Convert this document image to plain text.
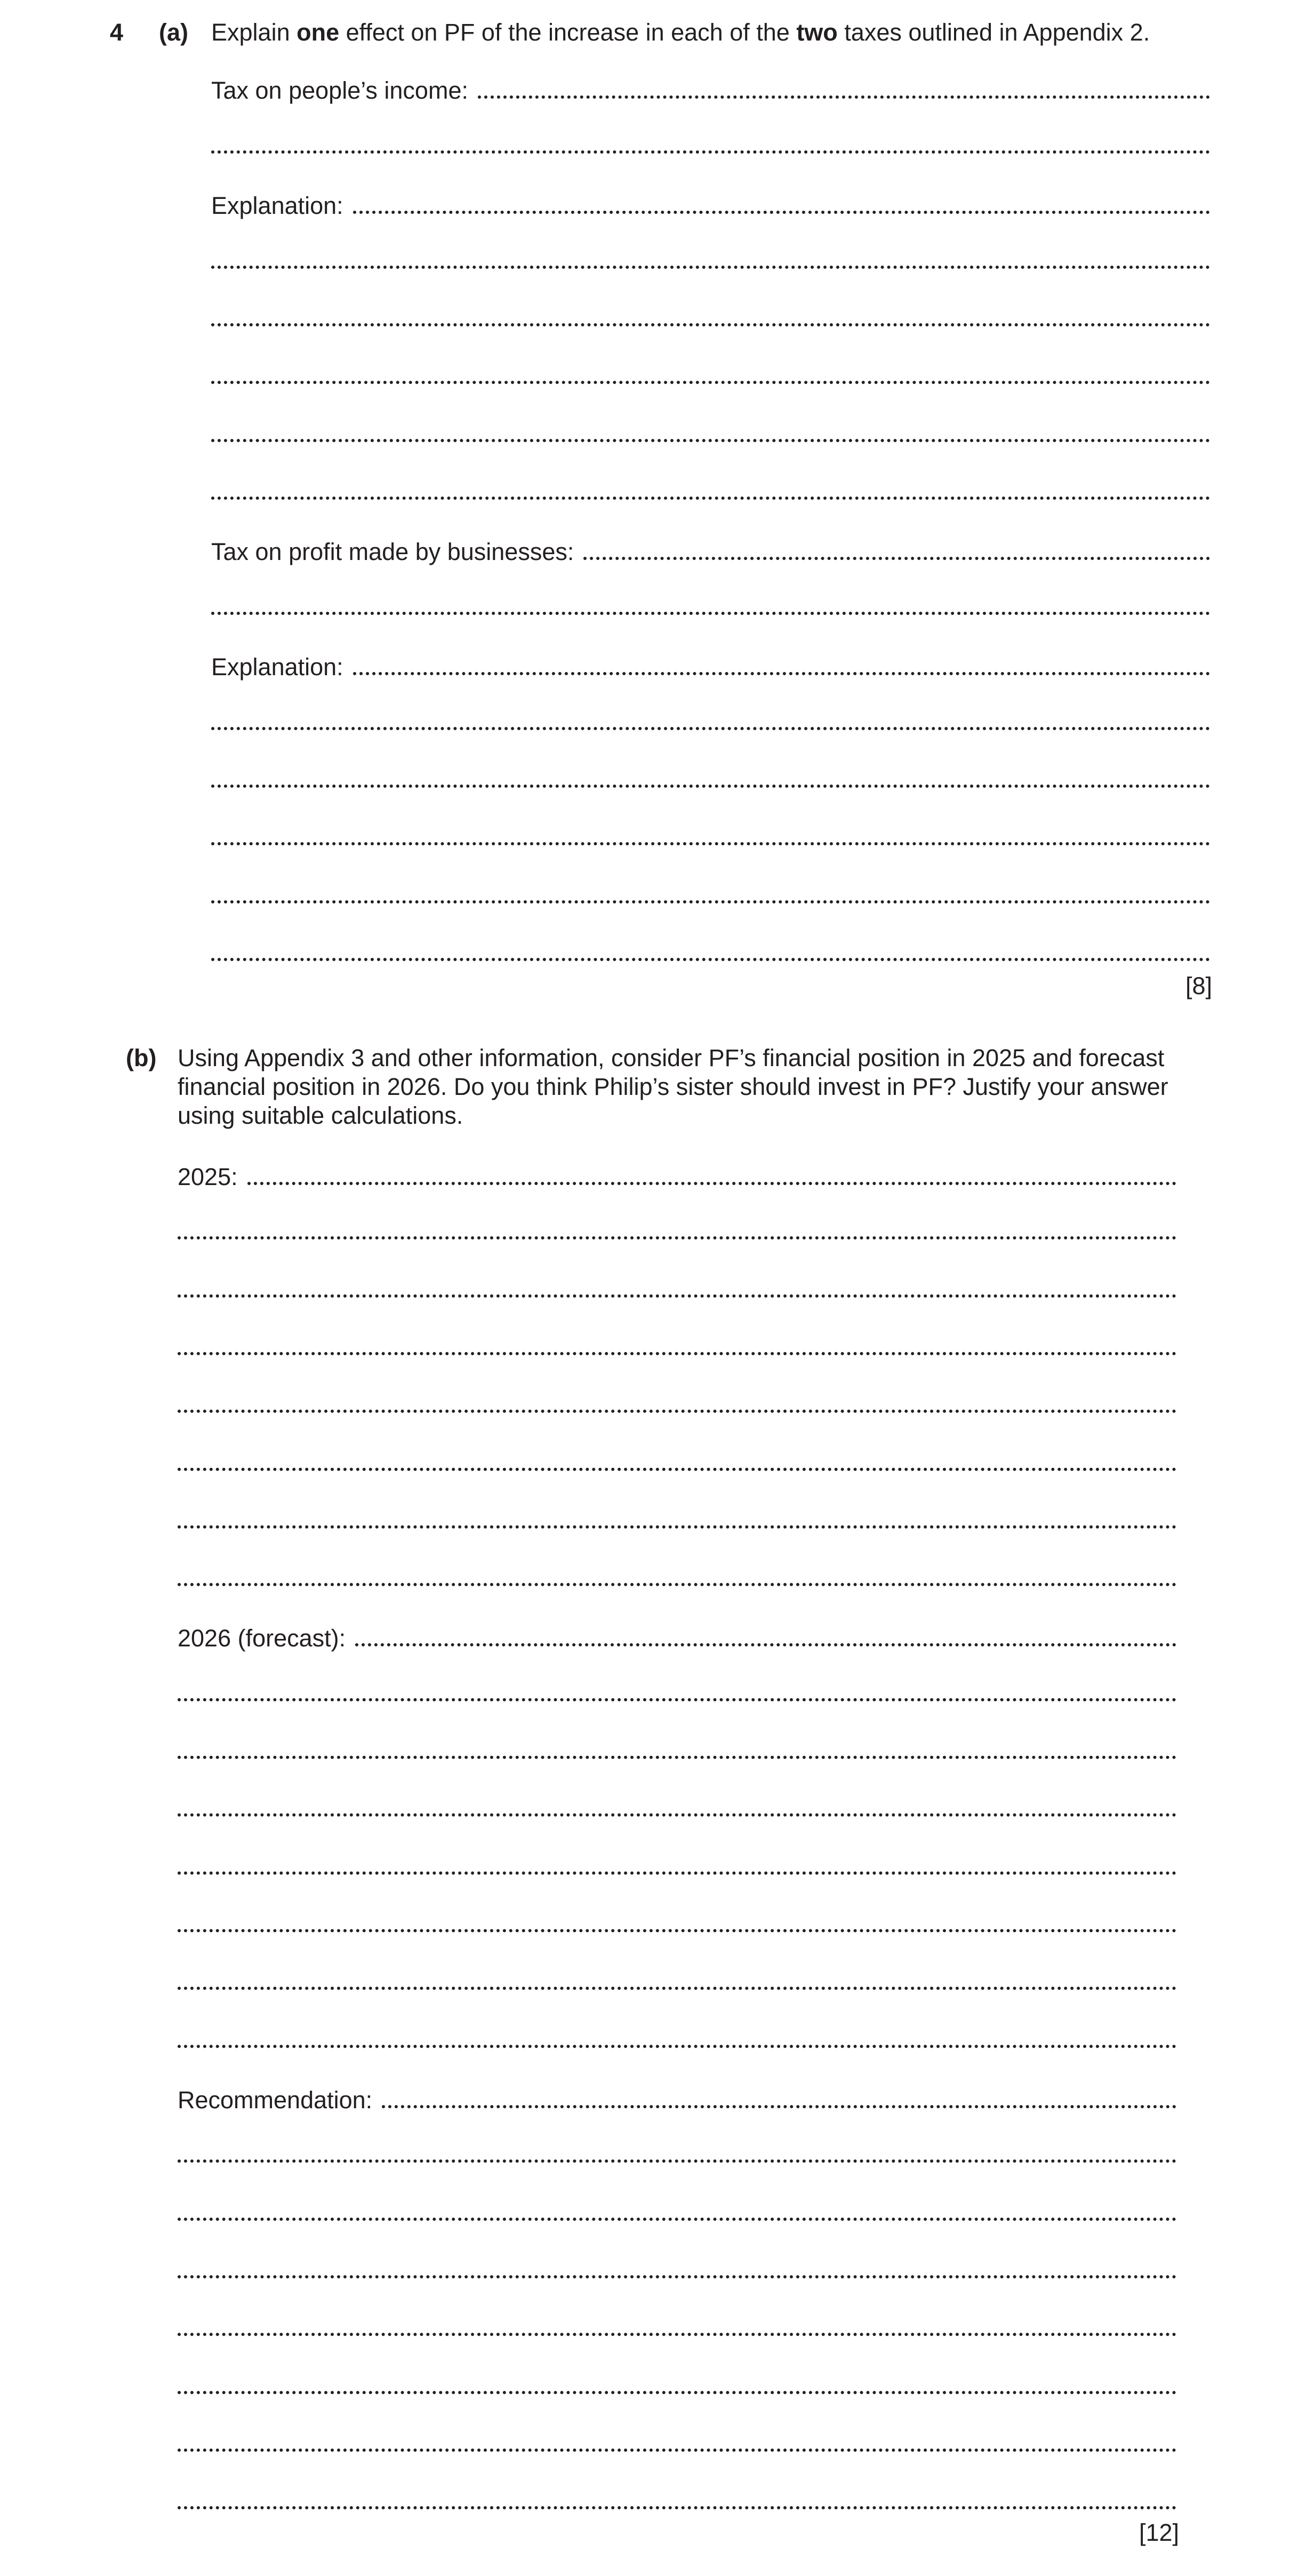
4 (a) Explain one effect on PF of the increase in each of the two taxes outlined in Appendix 2.
Tax on people’s income:
Explanation:
Tax on profit made by businesses:
Explanation:
[8]
(b) Using Appendix 3 and other information, consider PF’s financial position in 2025 and forecast
financial position in 2026. Do you think Philip’s sister should invest in PF? Justify your answer
using suitable calculations.
2025:
2026 (forecast):
Recommendation:
[12]
